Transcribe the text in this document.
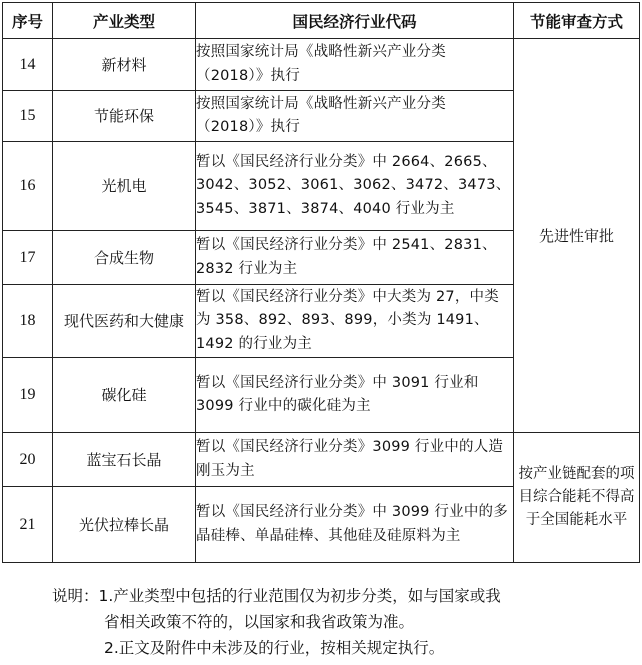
序号	产业类型	国民经济行业代码	节能审查方式
14	新材料	按照国家统计局《战略性新兴产业分类（2018）》执行	先进性审批
15	节能环保	按照国家统计局《战略性新兴产业分类（2018）》执行	
16	光机电	暂以《国民经济行业分类》中 2664、2665、3042、3052、3061、3062、3472、3473、3545、3871、3874、4040 行业为主	
17	合成生物	暂以《国民经济行业分类》中 2541、2831、2832 行业为主	
18	现代医药和大健康	暂以《国民经济行业分类》中大类为 27，中类为 358、892、893、899，小类为 1491、1492 的行业为主	
19	碳化硅	暂以《国民经济行业分类》中 3091 行业和 3099 行业中的碳化硅为主	
20	蓝宝石长晶	暂以《国民经济行业分类》3099 行业中的人造刚玉为主	按产业链配套的项目综合能耗不得高于全国能耗水平
21	光伏拉棒长晶	暂以《国民经济行业分类》中 3099 行业中的多晶硅棒、单晶硅棒、其他硅及硅原料为主	
说明：1.产业类型中包括的行业范围仅为初步分类，如与国家或我
省相关政策不符的，以国家和我省政策为准。
2.正文及附件中未涉及的行业，按相关规定执行。
